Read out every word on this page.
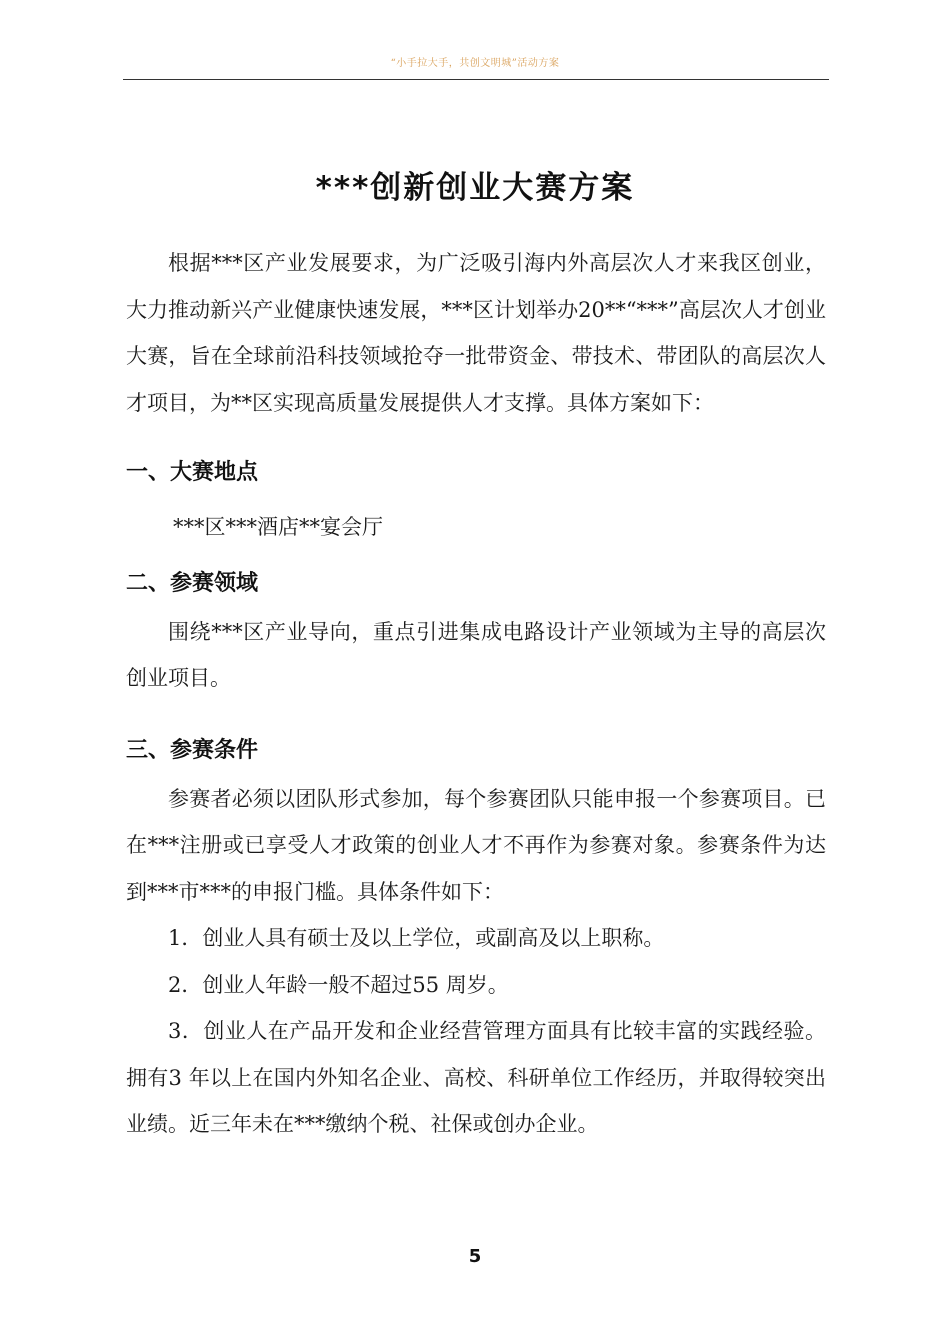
“小手拉大手，共创文明城”活动方案
***创新创业大赛方案

根据***区产业发展要求，为广泛吸引海内外高层次人才来我区创业，大力推动新兴产业健康快速发展，***区计划举办20**“***”高层次人才创业大赛，旨在全球前沿科技领域抢夺一批带资金、带技术、带团队的高层次人才项目，为**区实现高质量发展提供人才支撑。具体方案如下：

一、大赛地点

***区***酒店**宴会厅

二、参赛领域

围绕***区产业导向，重点引进集成电路设计产业领域为主导的高层次创业项目。

三、参赛条件

参赛者必须以团队形式参加，每个参赛团队只能申报一个参赛项目。已在***注册或已享受人才政策的创业人才不再作为参赛对象。参赛条件为达到***市***的申报门槛。具体条件如下：

1．创业人具有硕士及以上学位，或副高及以上职称。

2．创业人年龄一般不超过55 周岁。

3．创业人在产品开发和企业经营管理方面具有比较丰富的实践经验。拥有3 年以上在国内外知名企业、高校、科研单位工作经历，并取得较突出业绩。近三年未在***缴纳个税、社保或创办企业。

5
